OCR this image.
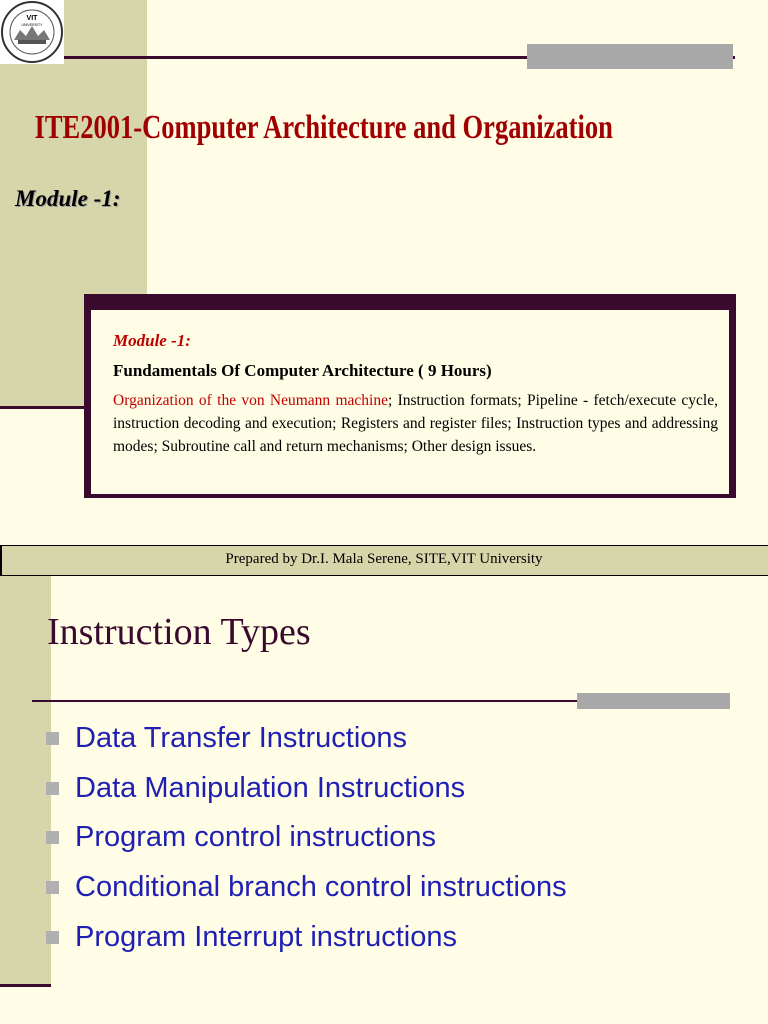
VIT
UNIVERSITY
ITE2001-Computer Architecture and Organization
Module -1:
Module -1:
Fundamentals Of Computer Architecture ( 9 Hours)
Organization of the von Neumann machine; Instruction formats; Pipeline - fetch/execute cycle, instruction decoding and execution; Registers and register files; Instruction types and addressing modes; Subroutine call and return mechanisms; Other design issues.
Prepared by Dr.I. Mala Serene, SITE,VIT University
Instruction Types
Data Transfer Instructions
Data Manipulation Instructions
Program control instructions
Conditional branch control instructions
Program Interrupt instructions
